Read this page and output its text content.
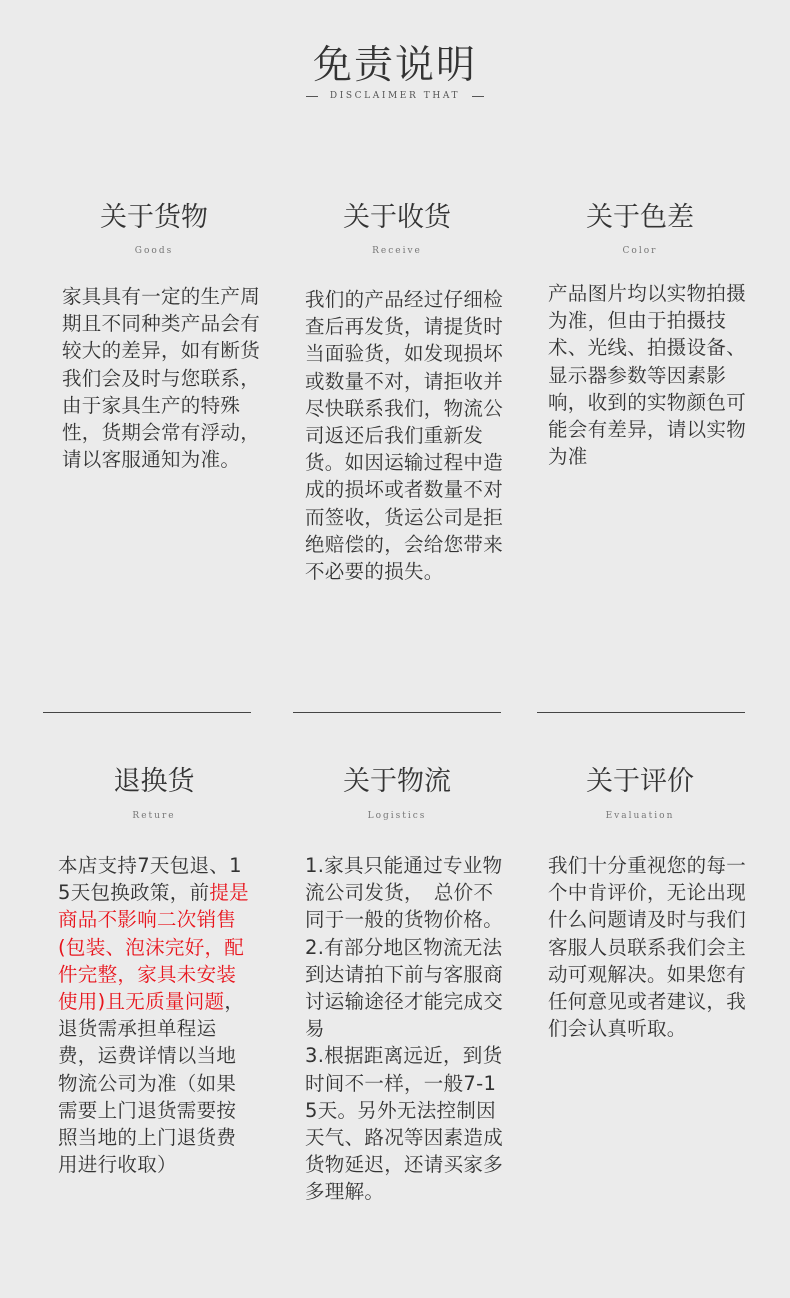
免责说明
DISCLAIMER THAT
关于货物
Goods

家具具有一定的生产周期且不同种类产品会有较大的差异，如有断货我们会及时与您联系，由于家具生产的特殊性，货期会常有浮动，请以客服通知为准。

关于收货
Receive

我们的产品经过仔细检查后再发货，请提货时当面验货，如发现损坏或数量不对，请拒收并尽快联系我们，物流公司返还后我们重新发货。如因运输过程中造成的损坏或者数量不对而签收，货运公司是拒绝赔偿的，会给您带来不必要的损失。

关于色差
Color

产品图片均以实物拍摄为准，但由于拍摄技术、光线、拍摄设备、显示器参数等因素影响，收到的实物颜色可能会有差异，请以实物为准

退换货
Reture

本店支持7天包退、15天包换政策，前提是商品不影响二次销售(包装、泡沫完好，配件完整，家具未安装使用)且无质量问题，退货需承担单程运费，运费详情以当地物流公司为准（如果需要上门退货需要按照当地的上门退货费用进行收取）

关于物流
Logistics

1.家具只能通过专业物流公司发货，　总价不同于一般的货物价格。

2.有部分地区物流无法到达请拍下前与客服商讨运输途径才能完成交易

3.根据距离远近，到货时间不一样，一般7-15天。另外无法控制因天气、路况等因素造成货物延迟，还请买家多多理解。

关于评价
Evaluation

我们十分重视您的每一个中肯评价，无论出现什么问题请及时与我们客服人员联系我们会主动可观解决。如果您有任何意见或者建议，我们会认真听取。
